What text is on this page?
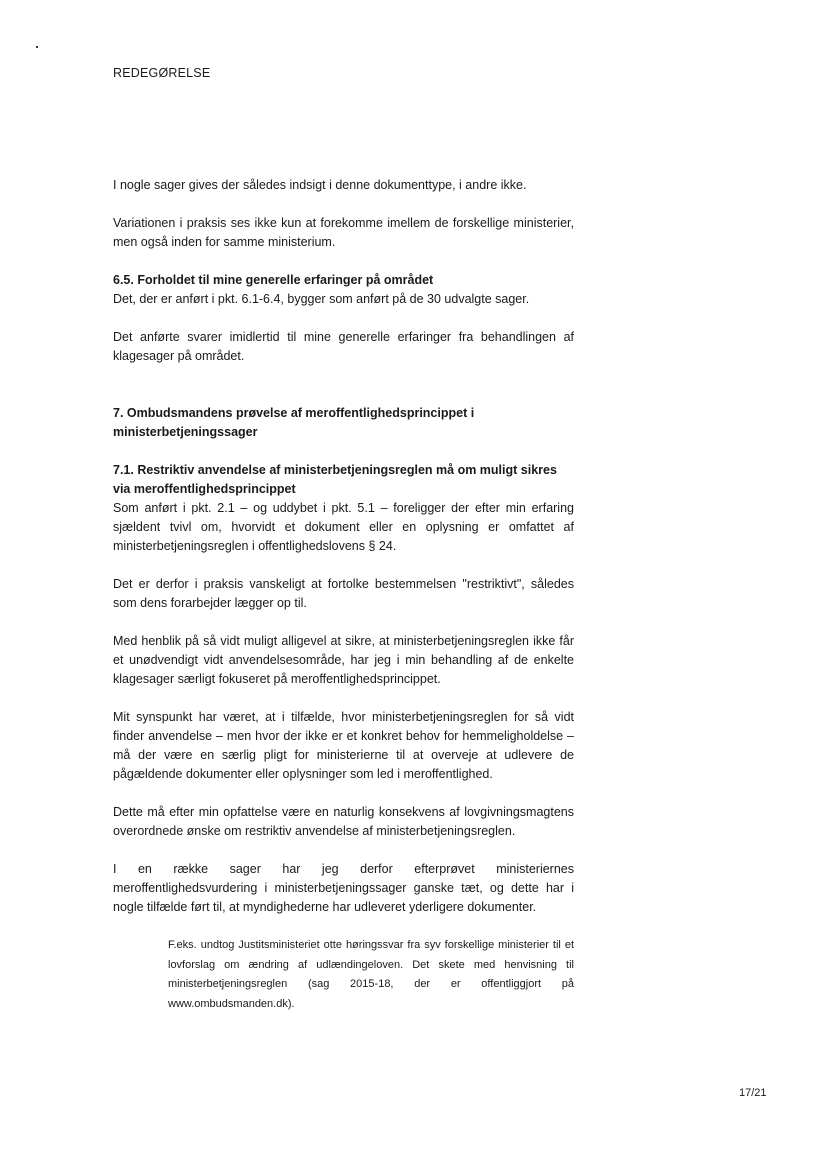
REDEGØRELSE

I nogle sager gives der således indsigt i denne dokumenttype, i andre ikke.

Variationen i praksis ses ikke kun at forekomme imellem de forskellige ministerier, men også inden for samme ministerium.

6.5. Forholdet til mine generelle erfaringer på området

Det, der er anført i pkt. 6.1-6.4, bygger som anført på de 30 udvalgte sager.

Det anførte svarer imidlertid til mine generelle erfaringer fra behandlingen af klagesager på området.

7. Ombudsmandens prøvelse af meroffentlighedsprincippet i ministerbetjeningssager

7.1. Restriktiv anvendelse af ministerbetjeningsreglen må om muligt sikres via meroffentlighedsprincippet

Som anført i pkt. 2.1 – og uddybet i pkt. 5.1 – foreligger der efter min erfaring sjældent tvivl om, hvorvidt et dokument eller en oplysning er omfattet af ministerbetjeningsreglen i offentlighedslovens § 24.

Det er derfor i praksis vanskeligt at fortolke bestemmelsen "restriktivt", således som dens forarbejder lægger op til.

Med henblik på så vidt muligt alligevel at sikre, at ministerbetjeningsreglen ikke får et unødvendigt vidt anvendelsesområde, har jeg i min behandling af de enkelte klagesager særligt fokuseret på meroffentlighedsprincippet.

Mit synspunkt har været, at i tilfælde, hvor ministerbetjeningsreglen for så vidt finder anvendelse – men hvor der ikke er et konkret behov for hemmeligholdelse – må der være en særlig pligt for ministerierne til at overveje at udlevere de pågældende dokumenter eller oplysninger som led i meroffentlighed.

Dette må efter min opfattelse være en naturlig konsekvens af lovgivningsmagtens overordnede ønske om restriktiv anvendelse af ministerbetjeningsreglen.

I en række sager har jeg derfor efterprøvet ministeriernes meroffentlighedsvurdering i ministerbetjeningssager ganske tæt, og dette har i nogle tilfælde ført til, at myndighederne har udleveret yderligere dokumenter.

F.eks. undtog Justitsministeriet otte høringssvar fra syv forskellige ministerier til et lovforslag om ændring af udlændingeloven. Det skete med henvisning til ministerbetjeningsreglen (sag 2015-18, der er offentliggjort på www.ombudsmanden.dk).

17/21
